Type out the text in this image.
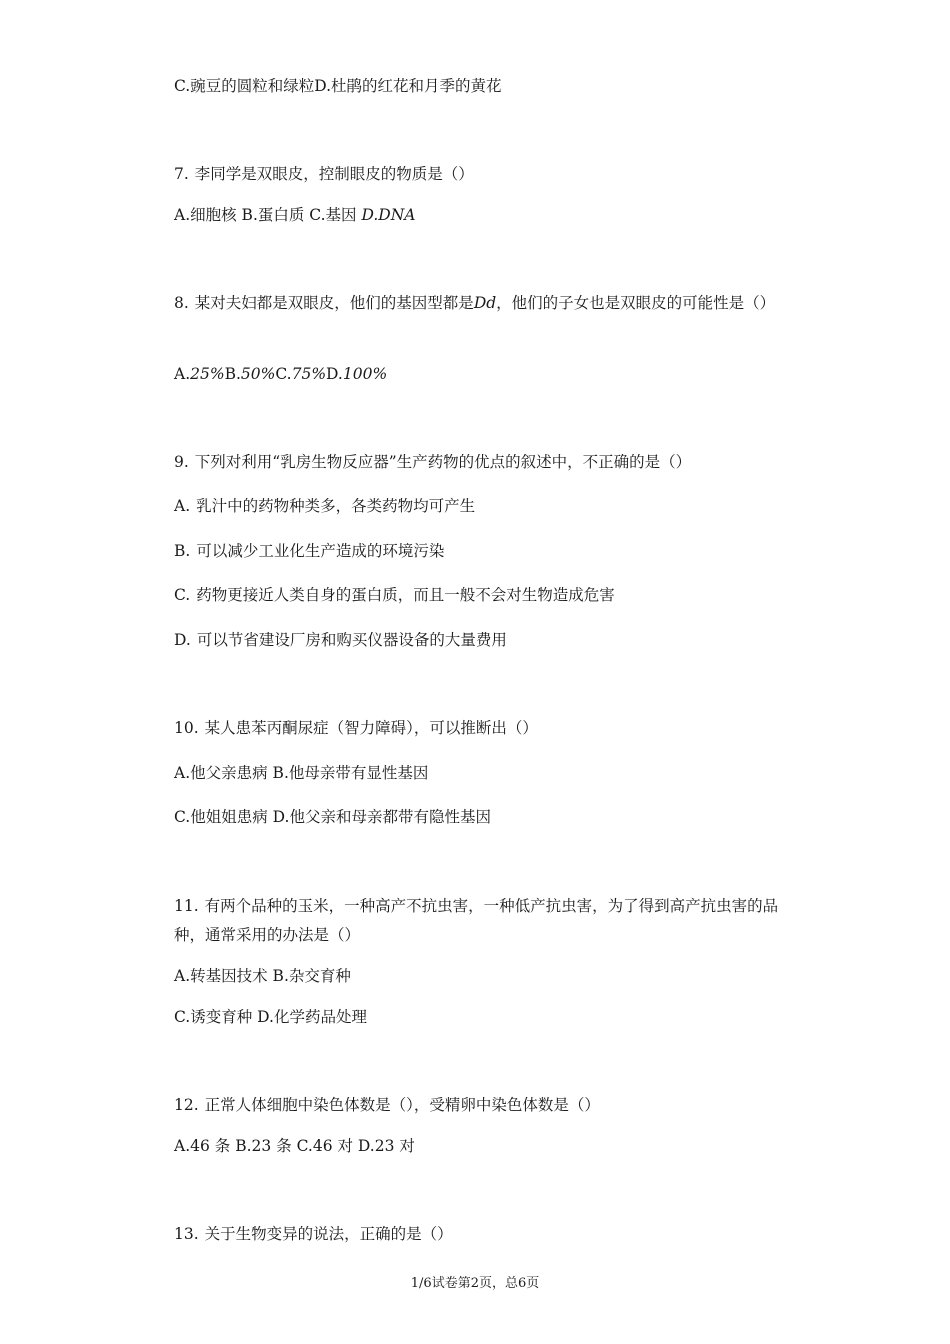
C.豌豆的圆粒和绿粒D.杜鹃的红花和月季的黄花
7. 李同学是双眼皮，控制眼皮的物质是（）
A.细胞核 B.蛋白质 C.基因 D.DNA
8. 某对夫妇都是双眼皮，他们的基因型都是Dd，他们的子女也是双眼皮的可能性是（）
A.25%B.50%C.75%D.100%
9. 下列对利用“乳房生物反应器”生产药物的优点的叙述中，不正确的是（）
A. 乳汁中的药物种类多，各类药物均可产生
B. 可以减少工业化生产造成的环境污染
C. 药物更接近人类自身的蛋白质，而且一般不会对生物造成危害
D. 可以节省建设厂房和购买仪器设备的大量费用
10. 某人患苯丙酮尿症（智力障碍），可以推断出（）
A.他父亲患病 B.他母亲带有显性基因
C.他姐姐患病 D.他父亲和母亲都带有隐性基因
11. 有两个品种的玉米，一种高产不抗虫害，一种低产抗虫害，为了得到高产抗虫害的品种，通常采用的办法是（）
A.转基因技术 B.杂交育种
C.诱变育种 D.化学药品处理
12. 正常人体细胞中染色体数是（），受精卵中染色体数是（）
A.46 条 B.23 条 C.46 对 D.23 对
13. 关于生物变异的说法，正确的是（）
1/6试卷第2页，总6页
